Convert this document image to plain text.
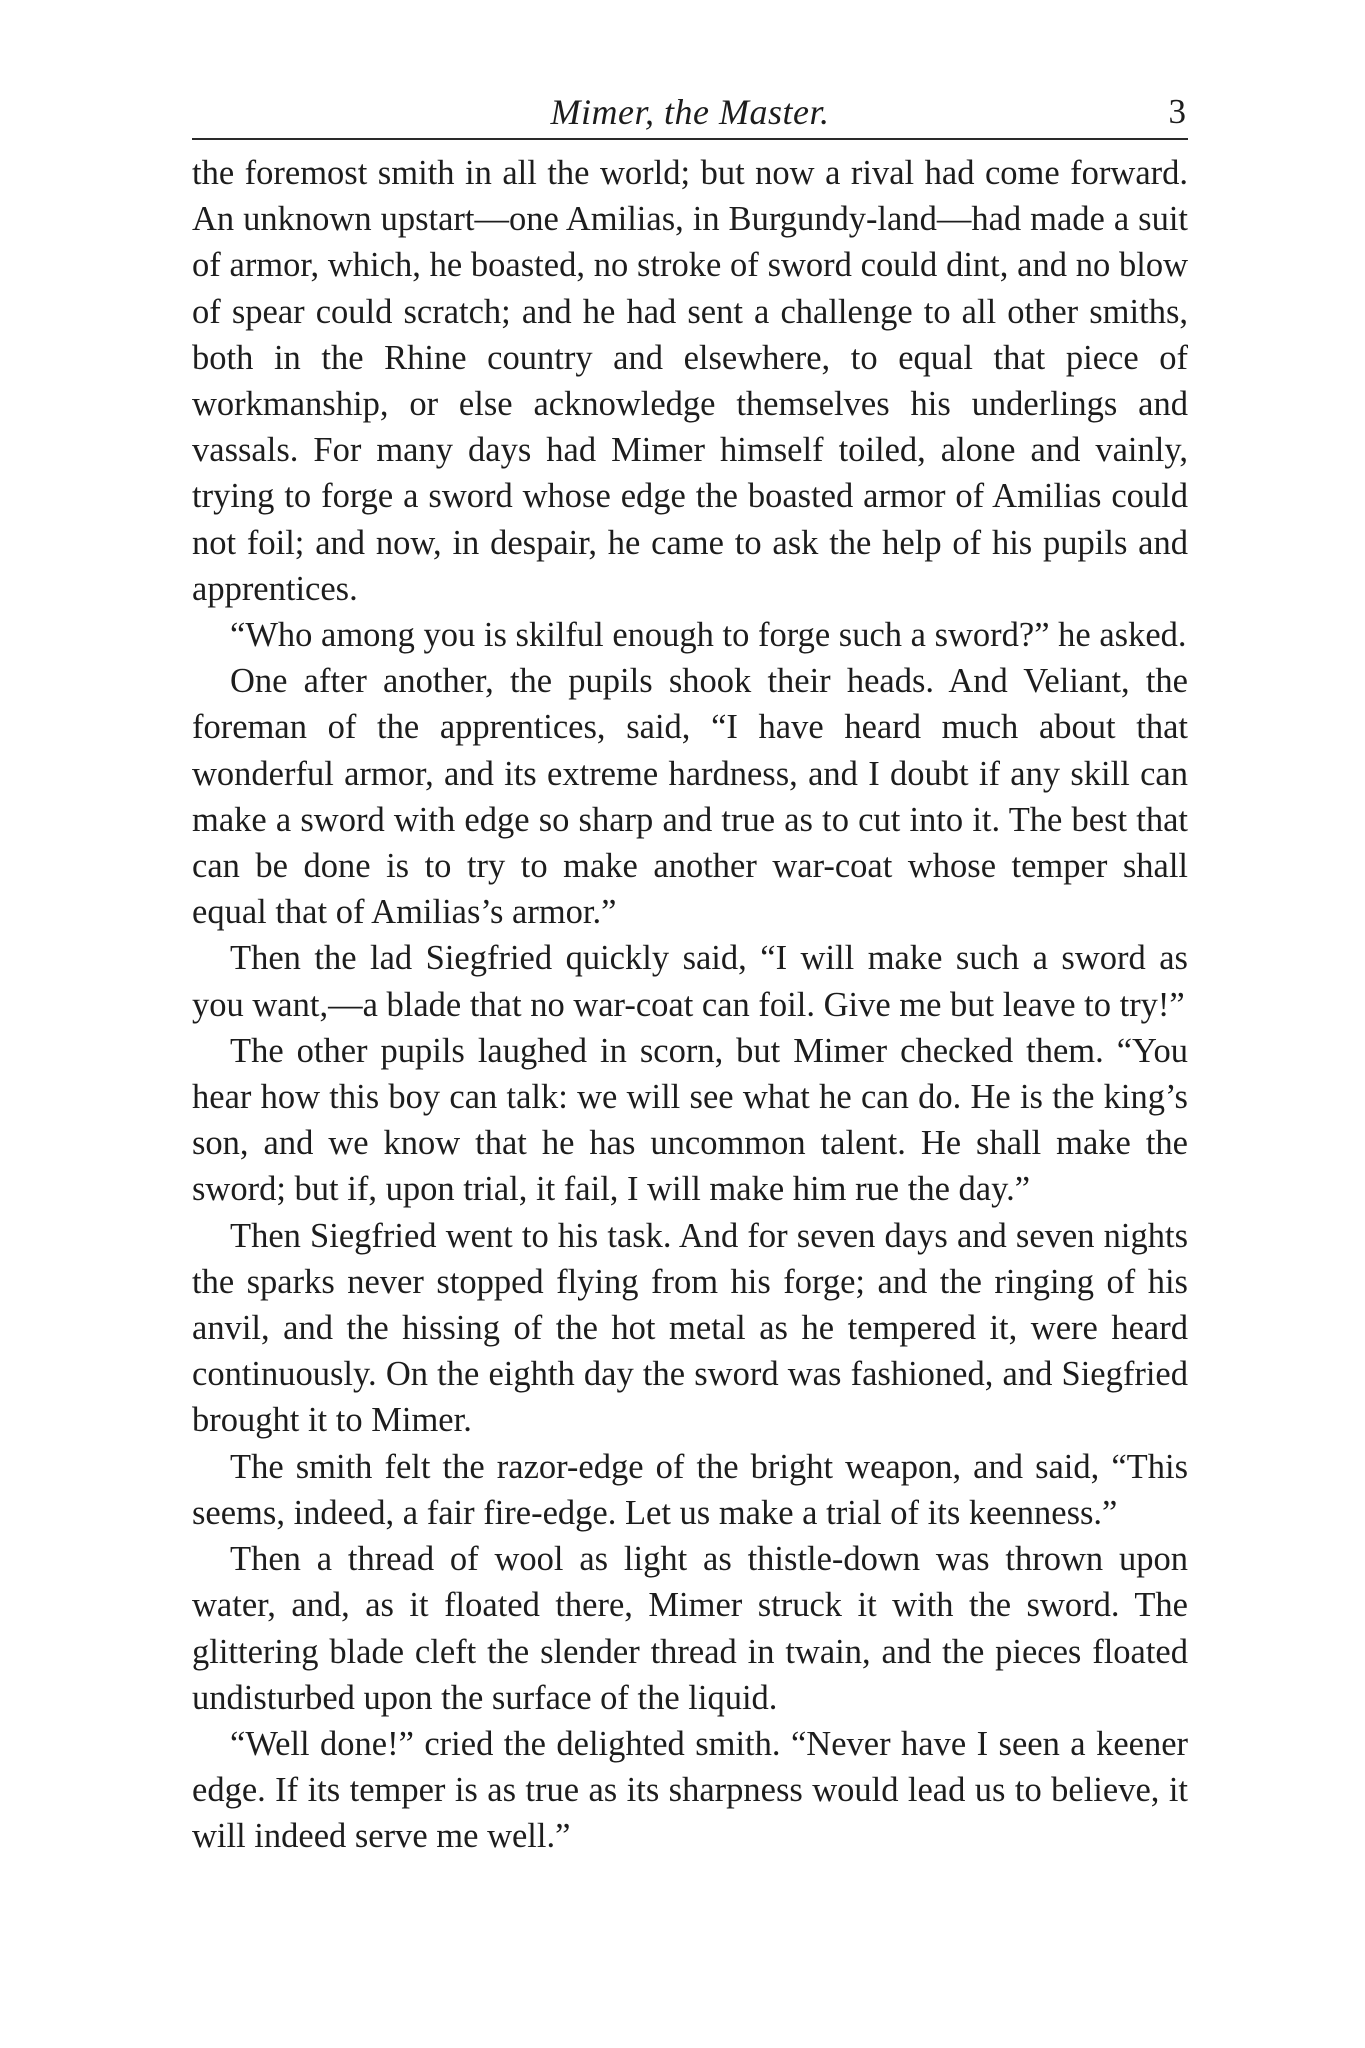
Mimer, the Master.	3

the foremost smith in all the world; but now a rival had come forward. An unknown upstart—one Amilias, in Burgundy-land—had made a suit of armor, which, he boasted, no stroke of sword could dint, and no blow of spear could scratch; and he had sent a challenge to all other smiths, both in the Rhine country and elsewhere, to equal that piece of workmanship, or else acknowledge themselves his underlings and vassals. For many days had Mimer himself toiled, alone and vainly, trying to forge a sword whose edge the boasted armor of Amilias could not foil; and now, in despair, he came to ask the help of his pupils and apprentices.

“Who among you is skilful enough to forge such a sword?” he asked.

One after another, the pupils shook their heads. And Veliant, the foreman of the apprentices, said, “I have heard much about that wonderful armor, and its extreme hardness, and I doubt if any skill can make a sword with edge so sharp and true as to cut into it. The best that can be done is to try to make another war-coat whose temper shall equal that of Amilias’s armor.”

Then the lad Siegfried quickly said, “I will make such a sword as you want,—a blade that no war-coat can foil. Give me but leave to try!”

The other pupils laughed in scorn, but Mimer checked them. “You hear how this boy can talk: we will see what he can do. He is the king’s son, and we know that he has uncommon talent. He shall make the sword; but if, upon trial, it fail, I will make him rue the day.”

Then Siegfried went to his task. And for seven days and seven nights the sparks never stopped flying from his forge; and the ringing of his anvil, and the hissing of the hot metal as he tempered it, were heard continuously. On the eighth day the sword was fashioned, and Siegfried brought it to Mimer.

The smith felt the razor-edge of the bright weapon, and said, “This seems, indeed, a fair fire-edge. Let us make a trial of its keenness.”

Then a thread of wool as light as thistle-down was thrown upon water, and, as it floated there, Mimer struck it with the sword. The glittering blade cleft the slender thread in twain, and the pieces floated undisturbed upon the surface of the liquid.

“Well done!” cried the delighted smith. “Never have I seen a keener edge. If its temper is as true as its sharpness would lead us to believe, it will indeed serve me well.”
